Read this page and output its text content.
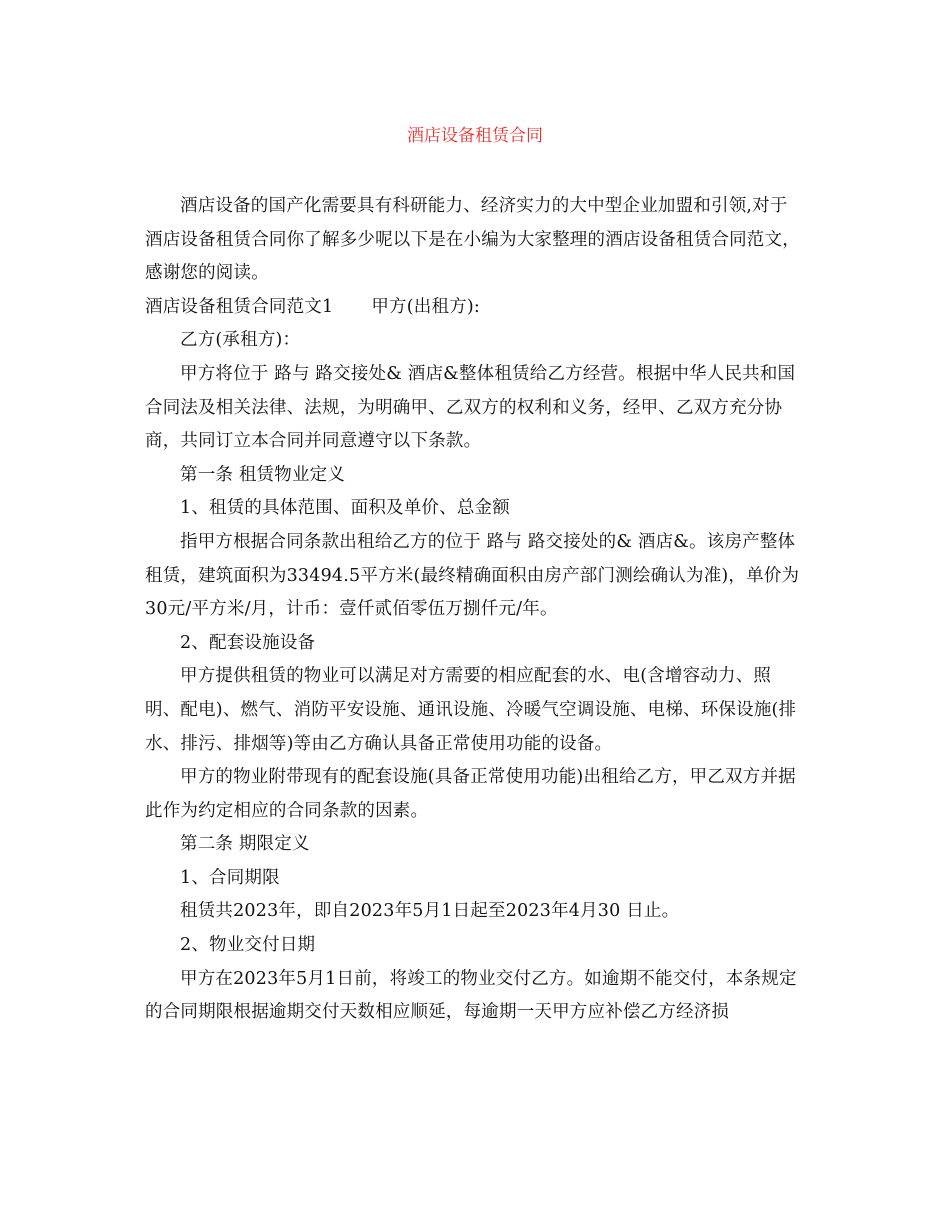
酒店设备租赁合同

酒店设备的国产化需要具有科研能力、经济实力的大中型企业加盟和引领,对于酒店设备租赁合同你了解多少呢以下是在小编为大家整理的酒店设备租赁合同范文，感谢您的阅读。

酒店设备租赁合同范文1 甲方(出租方):

乙方(承租方)：

甲方将位于 路与 路交接处& 酒店&整体租赁给乙方经营。根据中华人民共和国合同法及相关法律、法规，为明确甲、乙双方的权利和义务，经甲、乙双方充分协商，共同订立本合同并同意遵守以下条款。

第一条 租赁物业定义

1、租赁的具体范围、面积及单价、总金额

指甲方根据合同条款出租给乙方的位于 路与 路交接处的& 酒店&。该房产整体租赁，建筑面积为33494.5平方米(最终精确面积由房产部门测绘确认为准)，单价为30元/平方米/月，计币：壹仟贰佰零伍万捌仟元/年。

2、配套设施设备

甲方提供租赁的物业可以满足对方需要的相应配套的水、电(含增容动力、照明、配电)、燃气、消防平安设施、通讯设施、冷暖气空调设施、电梯、环保设施(排水、排污、排烟等)等由乙方确认具备正常使用功能的设备。

甲方的物业附带现有的配套设施(具备正常使用功能)出租给乙方，甲乙双方并据此作为约定相应的合同条款的因素。

第二条 期限定义

1、合同期限

租赁共2023年，即自2023年5月1日起至2023年4月30 日止。

2、物业交付日期

甲方在2023年5月1日前，将竣工的物业交付乙方。如逾期不能交付，本条规定的合同期限根据逾期交付天数相应顺延，每逾期一天甲方应补偿乙方经济损
